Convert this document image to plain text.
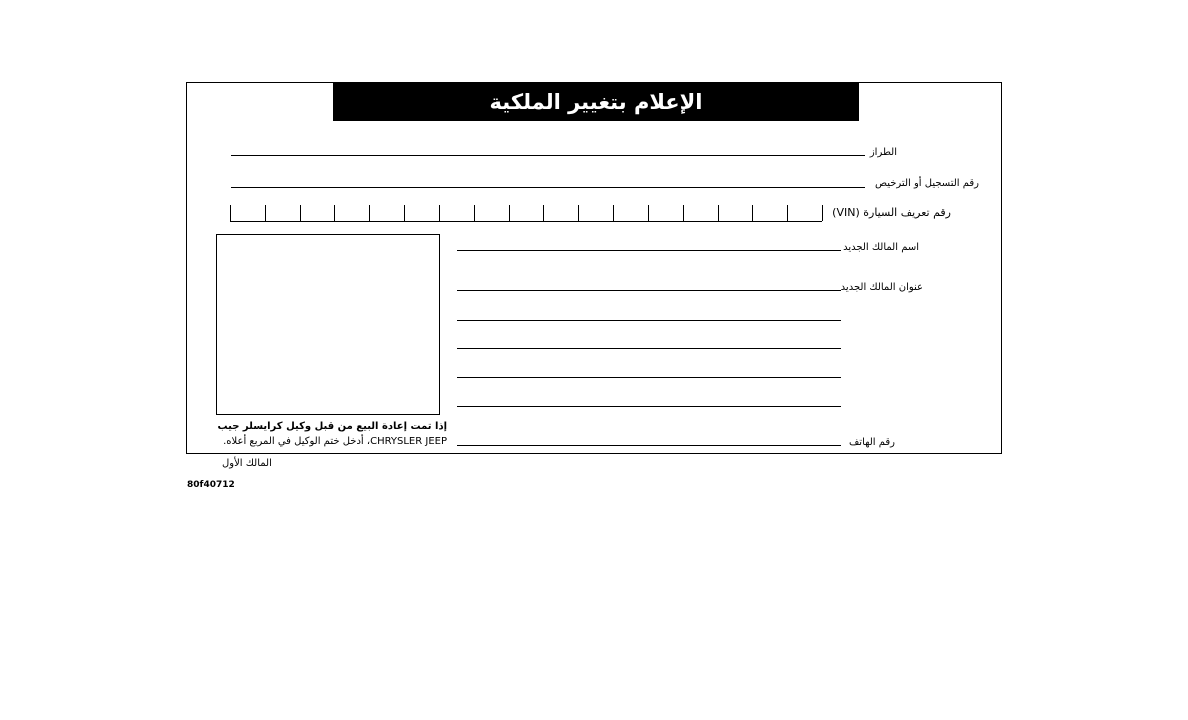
الإعلام بتغيير الملكية
الطراز
رقم التسجيل أو الترخيص
رقم تعريف السيارة (VIN)
إذا تمت إعادة البيع من قبل وكيل كرايسلر جيب
CHRYSLER JEEP، أدخل ختم الوكيل في المربع أعلاه.
اسم المالك الجديد
عنوان المالك الجديد
رقم الهاتف
المالك الأول
80f40712
